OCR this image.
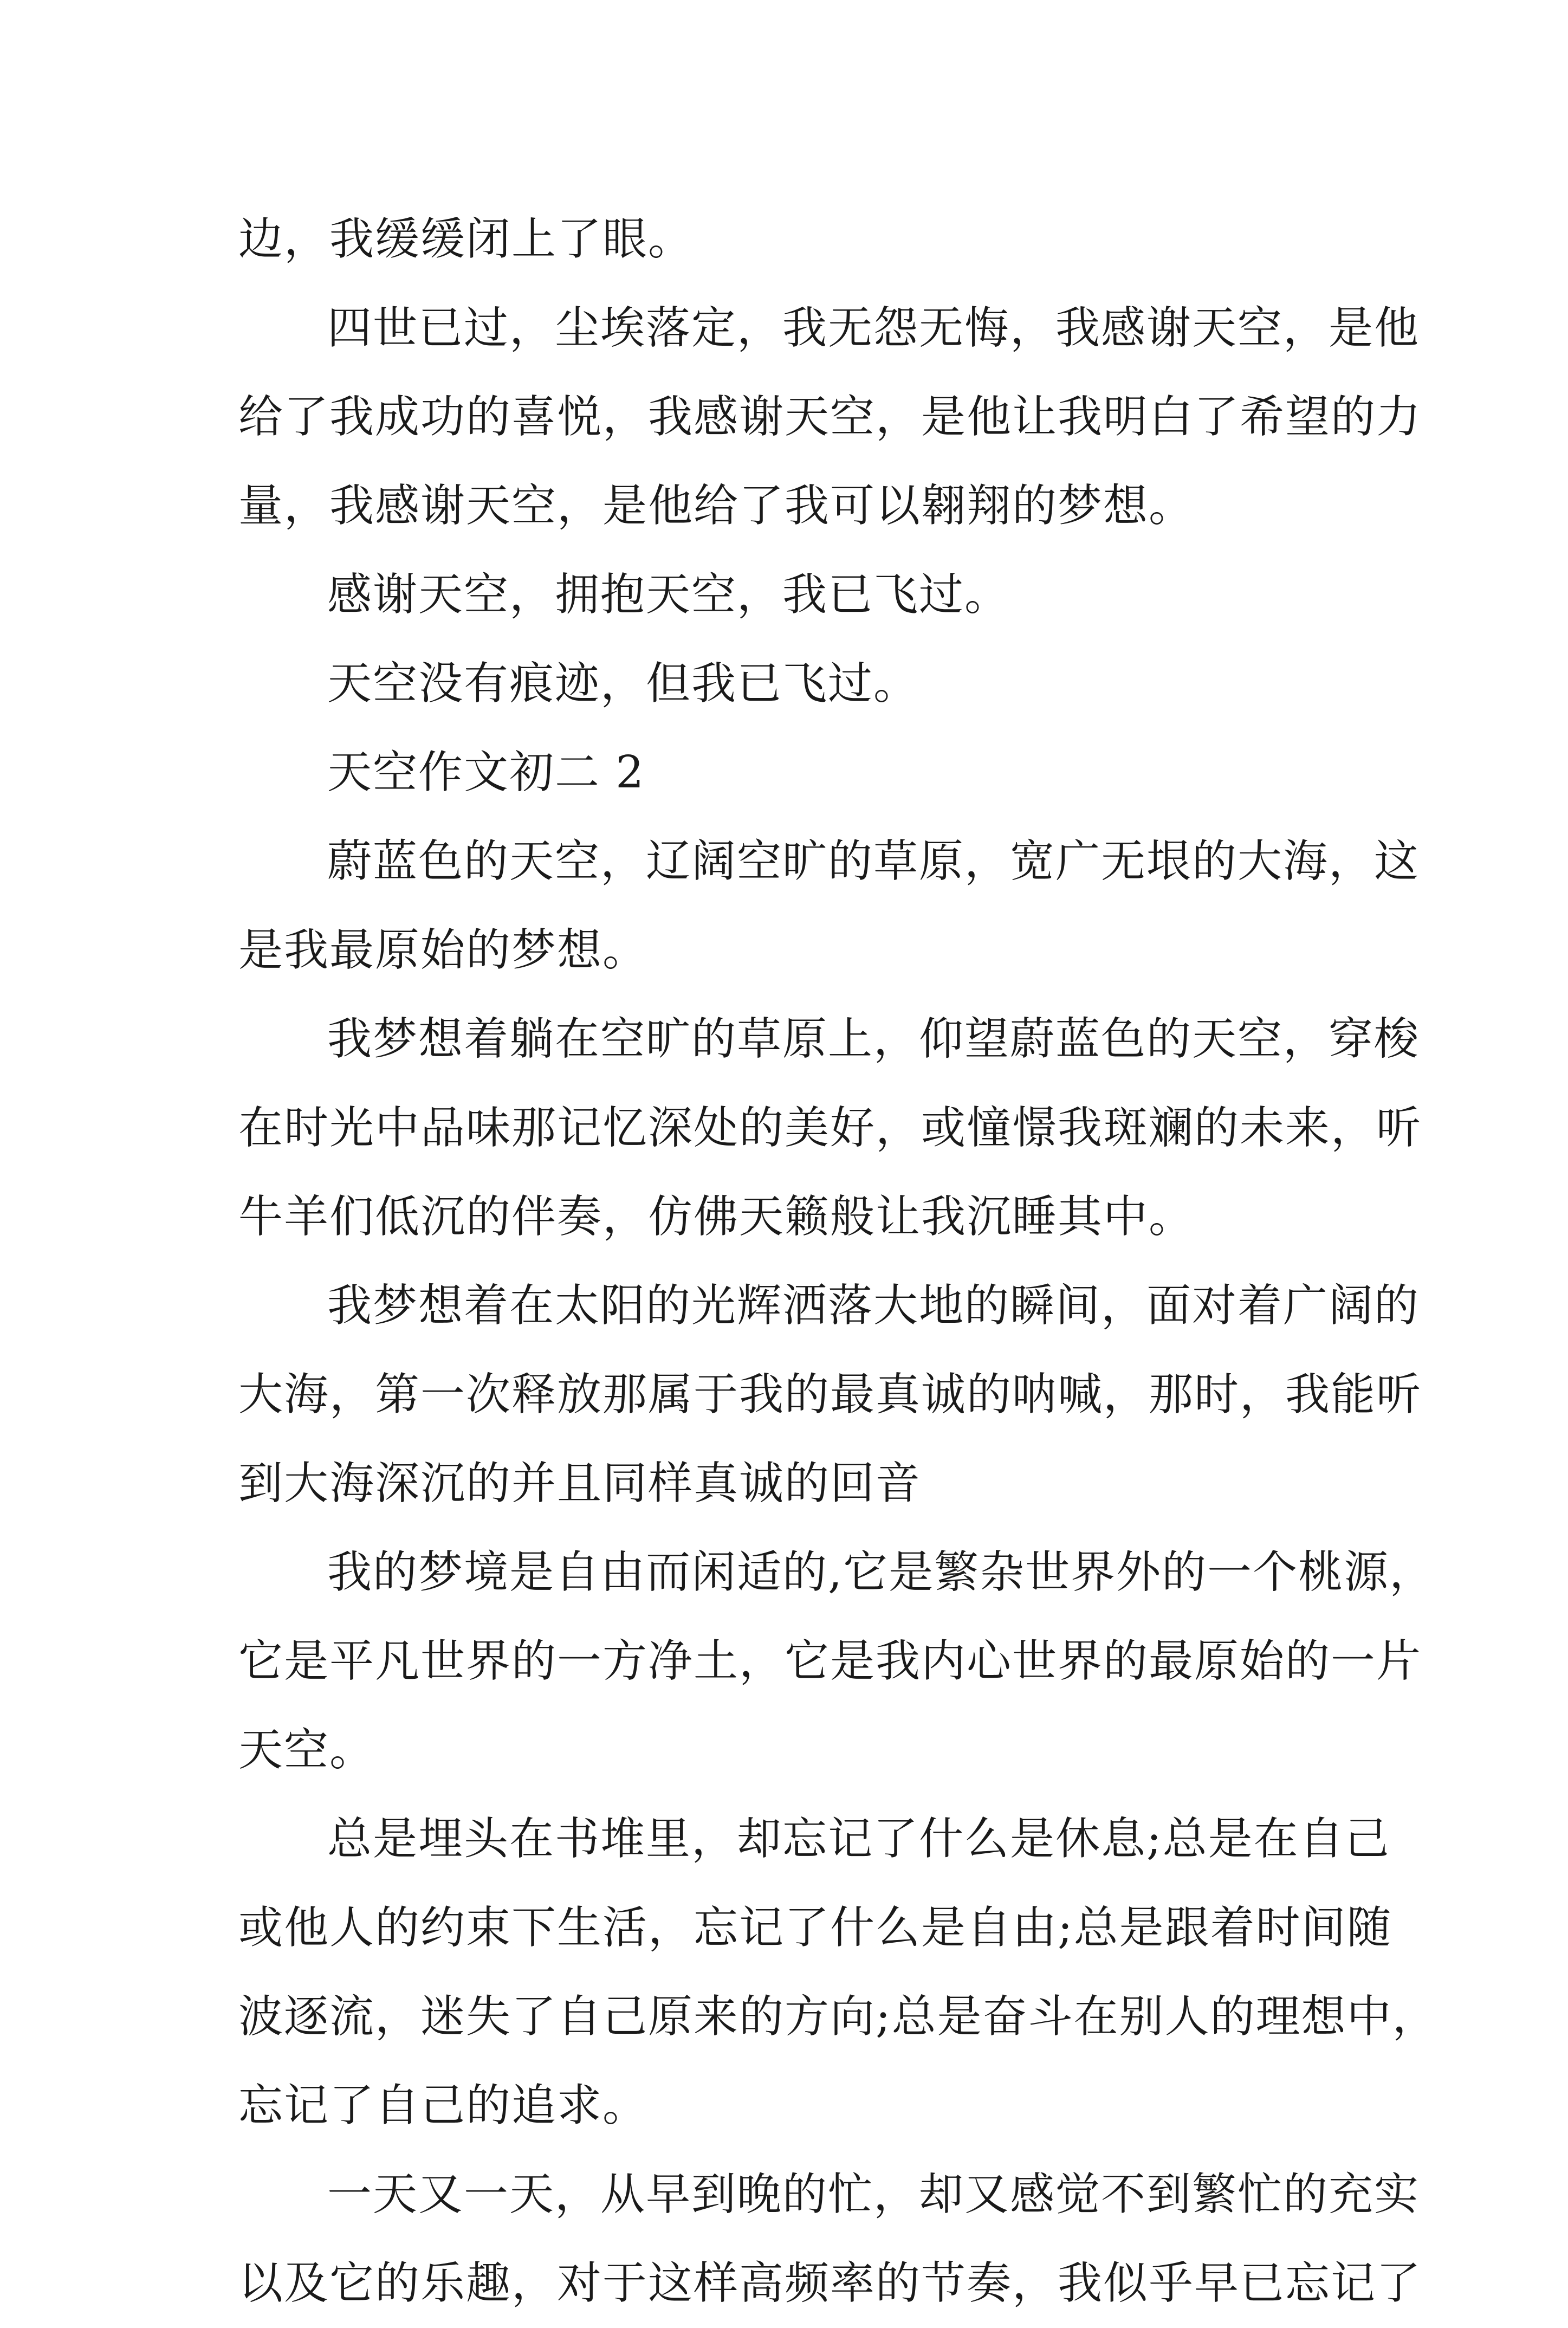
边，我缓缓闭上了眼。
四世已过，尘埃落定，我无怨无悔，我感谢天空，是他
给了我成功的喜悦，我感谢天空，是他让我明白了希望的力
量，我感谢天空，是他给了我可以翱翔的梦想。
感谢天空，拥抱天空，我已飞过。
天空没有痕迹，但我已飞过。
天空作文初二 2
蔚蓝色的天空，辽阔空旷的草原，宽广无垠的大海，这
是我最原始的梦想。
我梦想着躺在空旷的草原上，仰望蔚蓝色的天空，穿梭
在时光中品味那记忆深处的美好，或憧憬我斑斓的未来，听
牛羊们低沉的伴奏，仿佛天籁般让我沉睡其中。
我梦想着在太阳的光辉洒落大地的瞬间，面对着广阔的
大海，第一次释放那属于我的最真诚的呐喊，那时，我能听
到大海深沉的并且同样真诚的回音
我的梦境是自由而闲适的,它是繁杂世界外的一个桃源，
它是平凡世界的一方净土，它是我内心世界的最原始的一片
天空。
总是埋头在书堆里，却忘记了什么是休息;总是在自己
或他人的约束下生活，忘记了什么是自由;总是跟着时间随
波逐流，迷失了自己原来的方向;总是奋斗在别人的理想中，
忘记了自己的追求。
一天又一天，从早到晚的忙，却又感觉不到繁忙的充实
以及它的乐趣，对于这样高频率的节奏，我似乎早已忘记了
